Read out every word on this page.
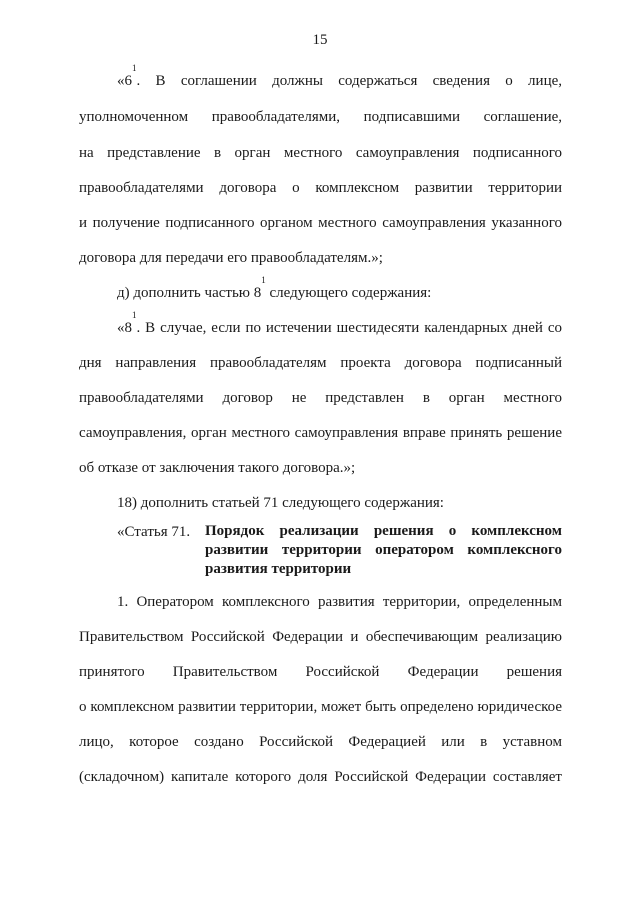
15

«$6^1$. В соглашении должны содержаться сведения о лице,

уполномоченном правообладателями, подписавшими соглашение,

на представление в орган местного самоуправления подписанного

правообладателями договора о комплексном развитии территории

и получение подписанного органом местного самоуправления указанного

договора для передачи его правообладателям.»;

д) дополнить частью $8^1$ следующего содержания:

«$8^1$. В случае, если по истечении шестидесяти календарных дней со

дня направления правообладателям проекта договора подписанный

правообладателями договор не представлен в орган местного

самоуправления, орган местного самоуправления вправе принять решение

об отказе от заключения такого договора.»;

18) дополнить статьей 71 следующего содержания:

«Статья 71. Порядок реализации решения о комплексном
развитии территории оператором комплексного
развития территории

1. Оператором комплексного развития территории, определенным

Правительством Российской Федерации и обеспечивающим реализацию

принятого Правительством Российской Федерации решения

о комплексном развитии территории, может быть определено юридическое

лицо, которое создано Российской Федерацией или в уставном

(складочном) капитале которого доля Российской Федерации составляет
